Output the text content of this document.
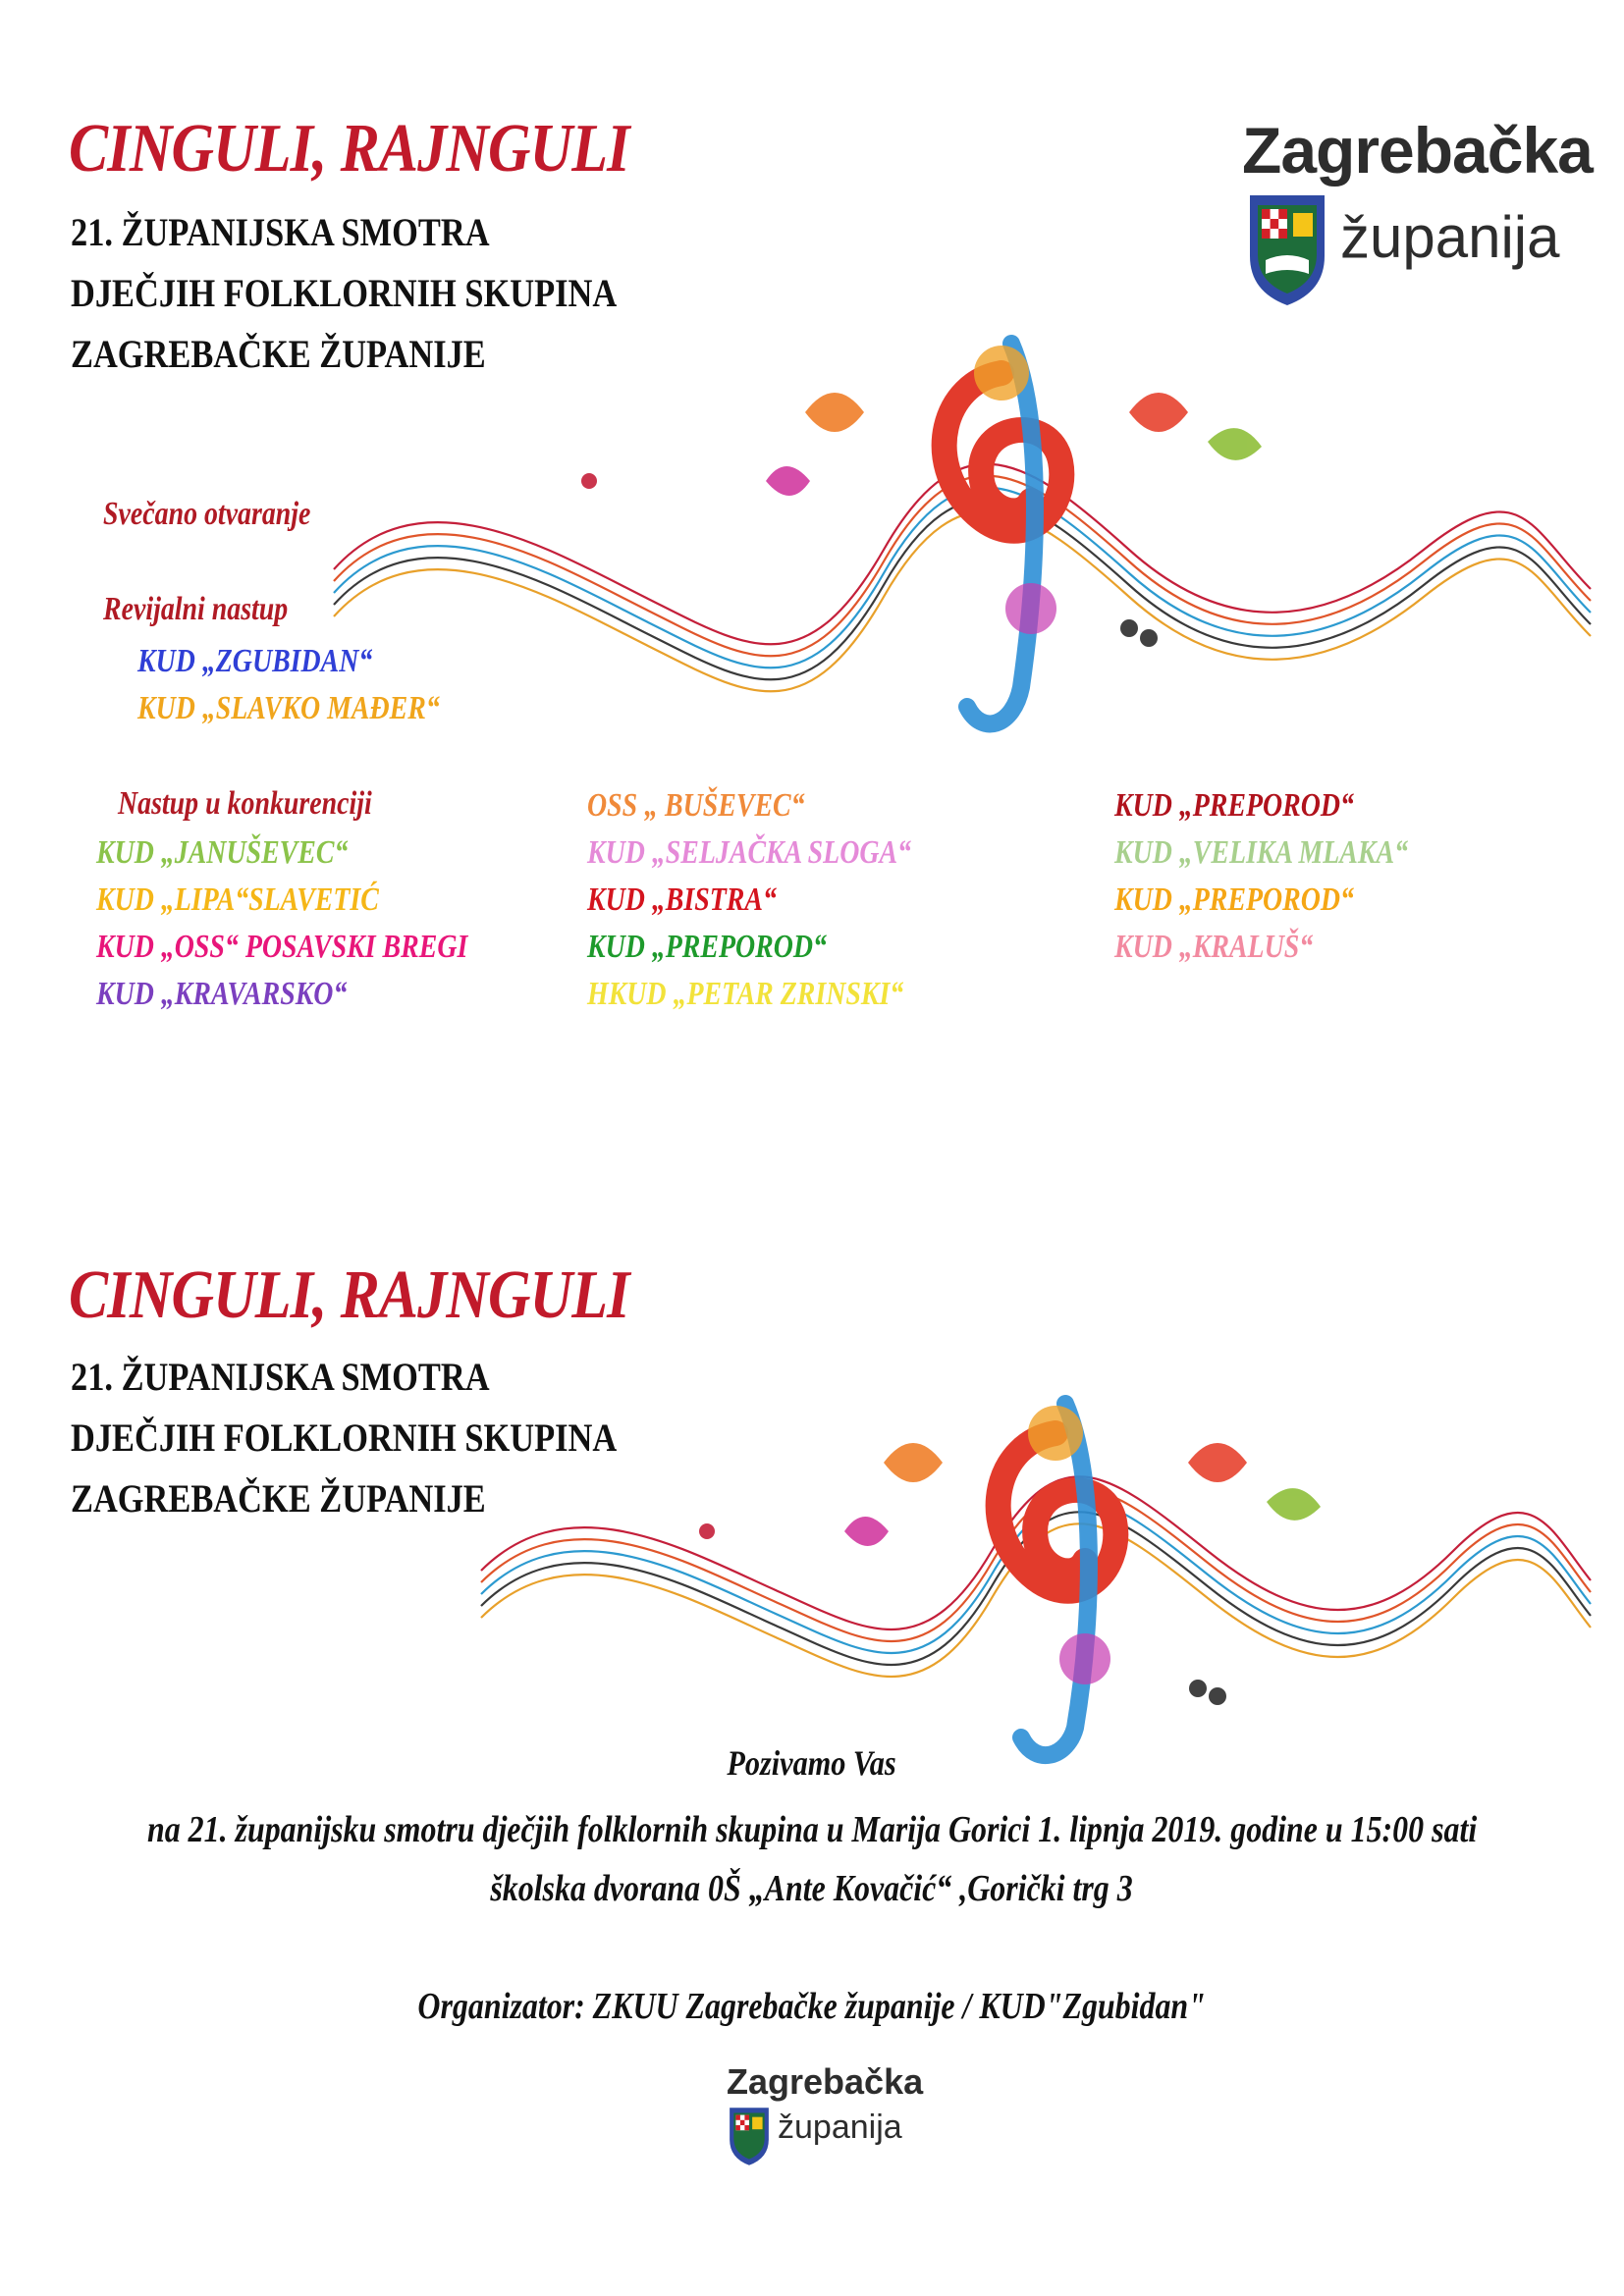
CINGULI, RAJNGULI
21. ŽUPANIJSKA SMOTRA
DJEČJIH FOLKLORNIH SKUPINA
ZAGREBAČKE ŽUPANIJE
Zagrebačka
županija
Svečano otvaranje
Revijalni nastup
KUD „ZGUBIDAN“
KUD „SLAVKO MAĐER“
Nastup u konkurenciji
KUD „JANUŠEVEC“
KUD „LIPA“SLAVETIĆ
KUD „OSS“ POSAVSKI BREGI
KUD „KRAVARSKO“
OSS „ BUŠEVEC“
KUD „SELJAČKA SLOGA“
KUD „BISTRA“
KUD „PREPOROD“
HKUD „PETAR ZRINSKI“
KUD „PREPOROD“
KUD „VELIKA MLAKA“
KUD „PREPOROD“
KUD „KRALUŠ“
CINGULI, RAJNGULI
21. ŽUPANIJSKA SMOTRA
DJEČJIH FOLKLORNIH SKUPINA
ZAGREBAČKE ŽUPANIJE
Pozivamo Vas
na 21. županijsku smotru dječjih folklornih skupina u Marija Gorici 1. lipnja 2019. godine u 15:00 sati
školska dvorana 0Š „Ante Kovačić“ ,Gorički trg 3
Organizator: ZKUU Zagrebačke županije / KUD"Zgubidan"
Zagrebačka
županija
